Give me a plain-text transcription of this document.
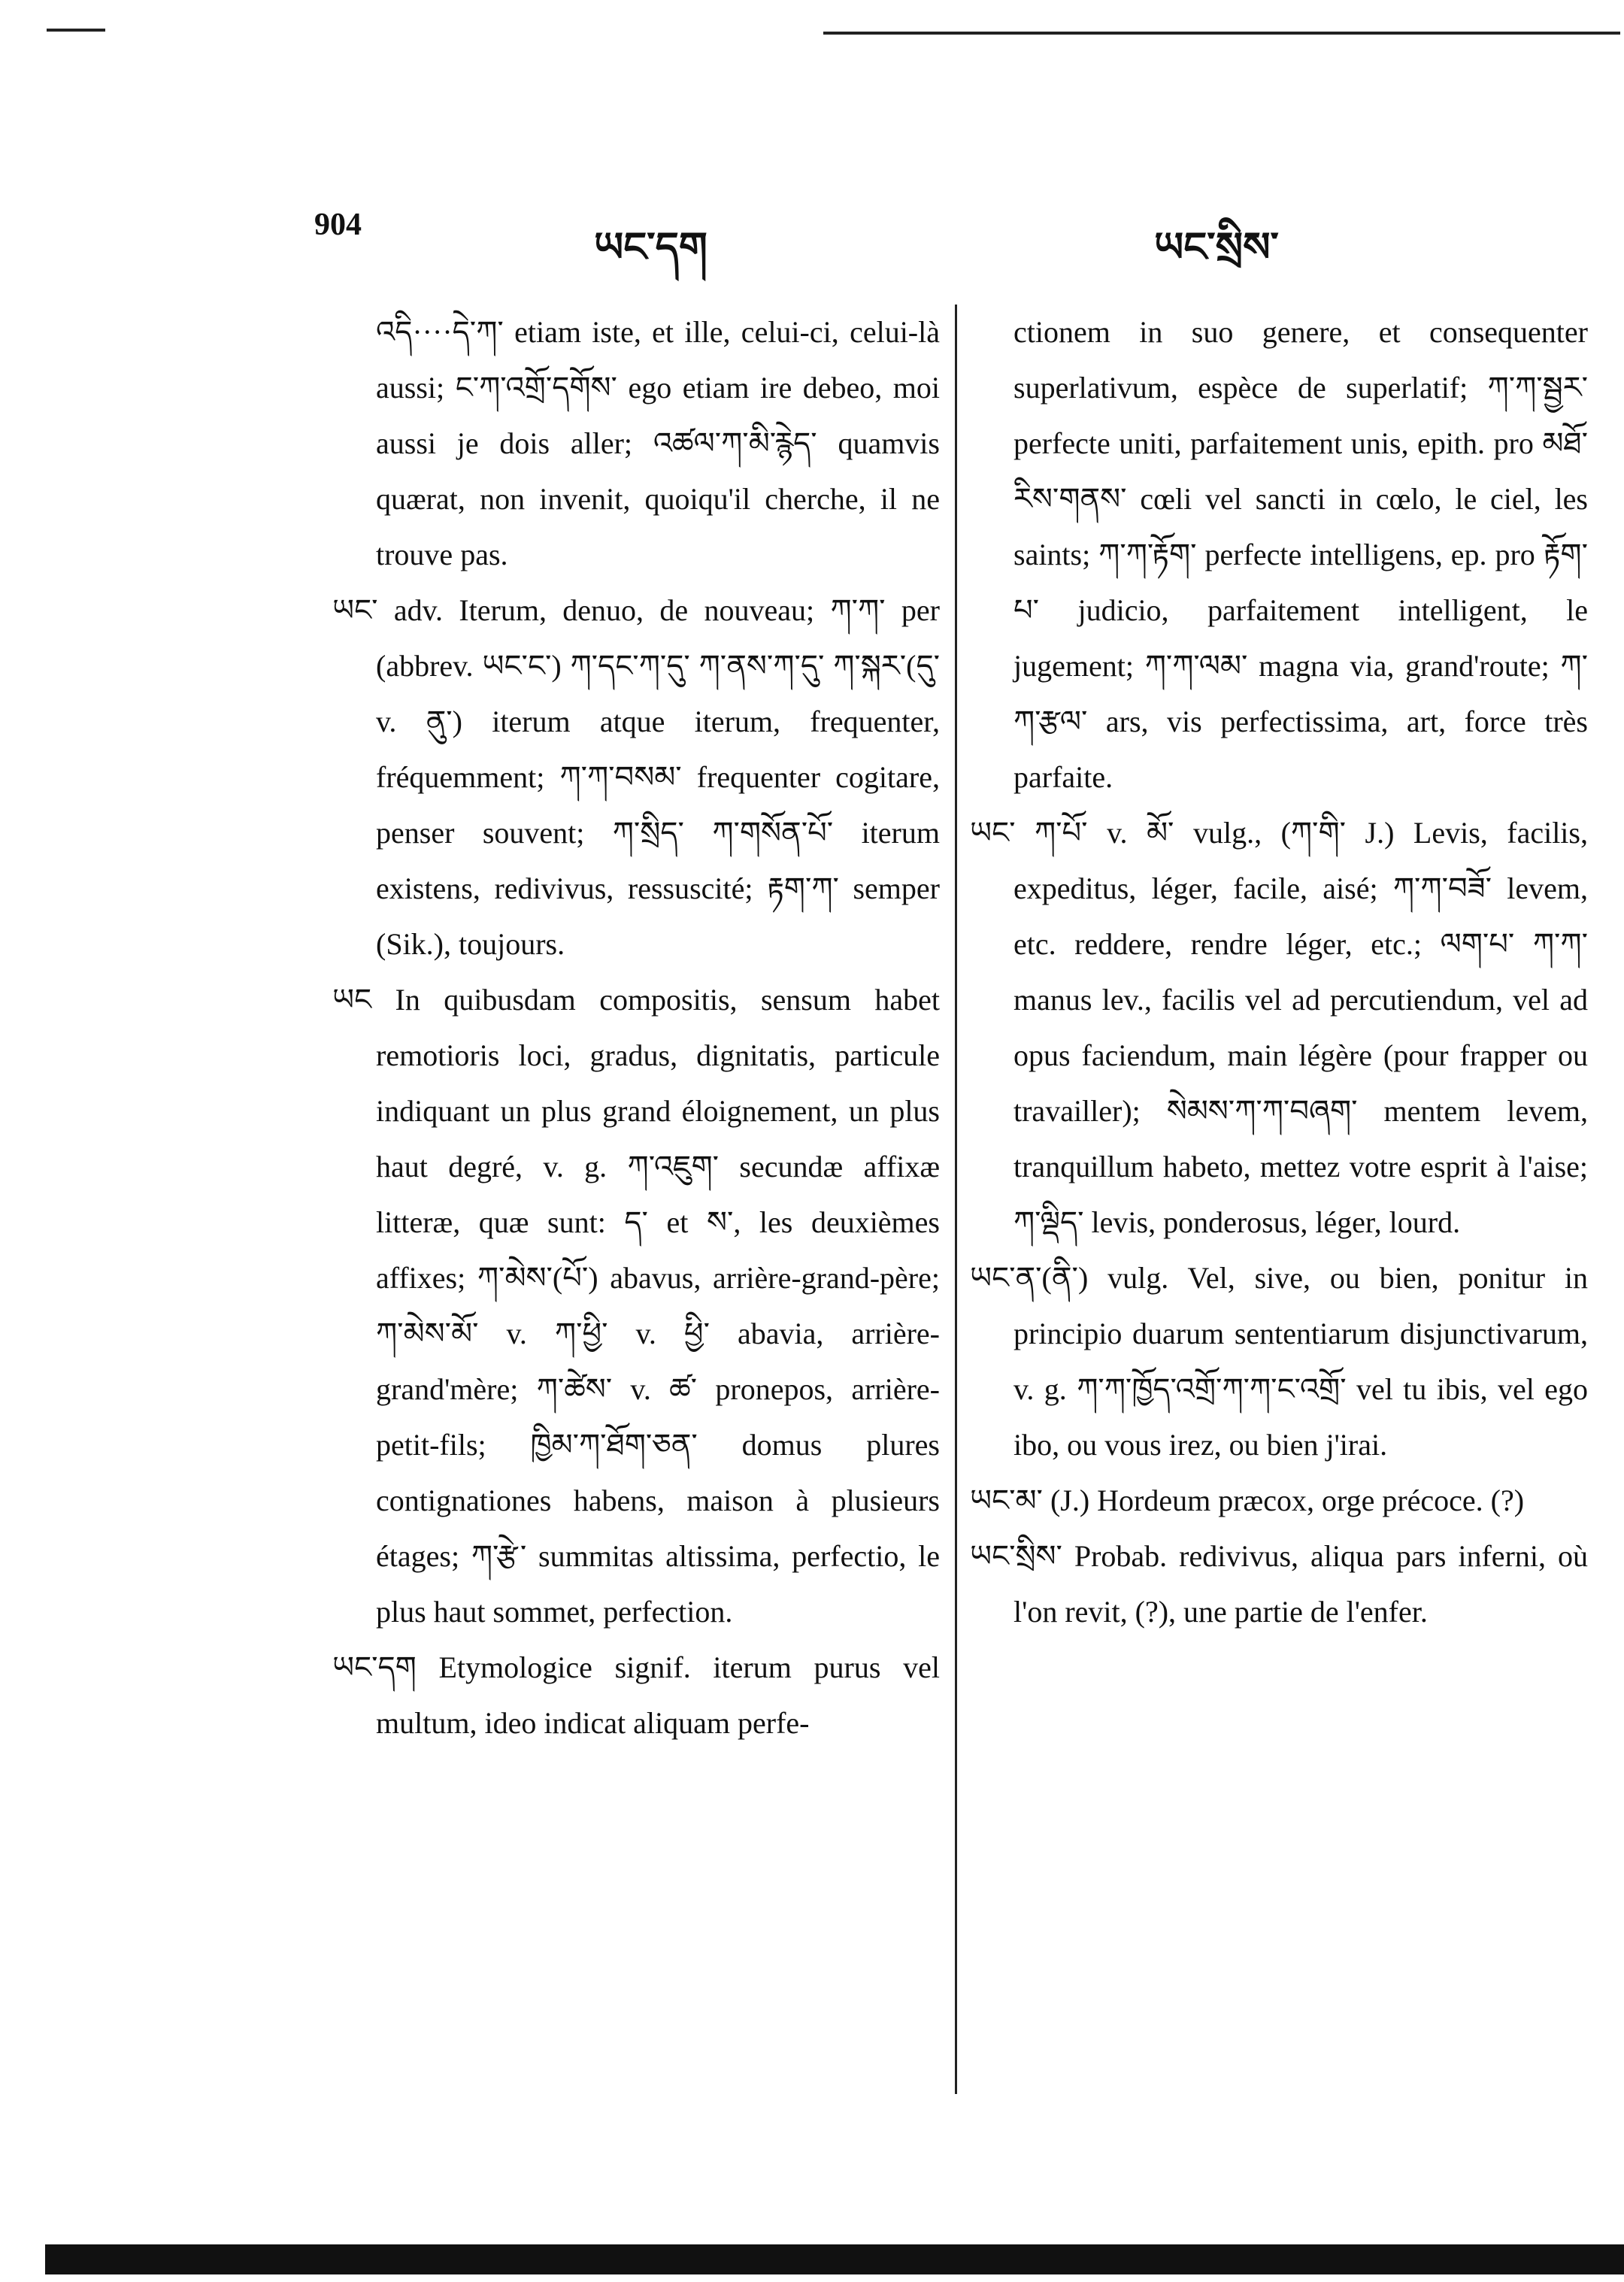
904	ཡང་དག	ཡང་སྲིས་

འདི····དེ་ཀ་ etiam iste, et ille, celui-ci, celui-là aussi; ང་ཀ་འགྲོ་དགོས་ ego etiam ire debeo, moi aussi je dois aller; འཚལ་ཀ་མི་རྙེད་ quamvis quærat, non invenit, quoiqu'il cherche, il ne trouve pas.

ཡང་ adv. Iterum, denuo, de nouveau; ཀ་ཀ་ per (abbrev. ཡང་ང་) ཀ་དང་ཀ་དུ་ ཀ་ནས་ཀ་དུ་ ཀ་སྐར་(དུ་ v. ནུ་) iterum atque iterum, frequenter, fréquemment; ཀ་ཀ་བསམ་ frequenter cogitare, penser souvent; ཀ་སྲིད་ ཀ་གསོན་པོ་ iterum existens, redivivus, ressuscité; རྟག་ཀ་ semper (Sik.), toujours.

ཡང In quibusdam compositis, sensum habet remotioris loci, gradus, dignitatis, particule indiquant un plus grand éloignement, un plus haut degré, v. g. ཀ་འཇུག་ secundæ affixæ litteræ, quæ sunt: ད་ et ས་, les deuxièmes affixes; ཀ་མེས་(པོ་) abavus, arrière-grand-père; ཀ་མེས་མོ་ v. ཀ་ཕྱི་ v. ཕྱི་ abavia, arrière-grand'mère; ཀ་ཚེས་ v. ཚ་ pronepos, arrière-petit-fils; ཁྱིམ་ཀ་ཐོག་ཅན་ domus plures contignationes habens, maison à plusieurs étages; ཀ་རྩེ་ summitas altissima, perfectio, le plus haut sommet, perfection.

ཡང་དག Etymologice signif. iterum purus vel multum, ideo indicat aliquam perfe-

ctionem in suo genere, et consequenter superlativum, espèce de superlatif; ཀ་ཀ་སྦྱར་ perfecte uniti, parfaitement unis, epith. pro མཐོ་རིས་གནས་ cœli vel sancti in cœlo, le ciel, les saints; ཀ་ཀ་རྟོག་ perfecte intelligens, ep. pro རྟོག་པ་ judicio, parfaitement intelligent, le jugement; ཀ་ཀ་ལམ་ magna via, grand'route; ཀ་ཀ་རྩལ་ ars, vis perfectissima, art, force très parfaite.

ཡང་ ཀ་པོ་ v. མོ་ vulg., (ཀ་གི་ J.) Levis, facilis, expeditus, léger, facile, aisé; ཀ་ཀ་བཟོ་ levem, etc. reddere, rendre léger, etc.; ལག་པ་ ཀ་ཀ་ manus lev., facilis vel ad percutiendum, vel ad opus faciendum, main légère (pour frapper ou travailler); སེམས་ཀ་ཀ་བཞག་ mentem levem, tranquillum habeto, mettez votre esprit à l'aise; ཀ་ལྡིད་ levis, ponderosus, léger, lourd.

ཡང་ན་(ནི་) vulg. Vel, sive, ou bien, ponitur in principio duarum sententiarum disjunctivarum, v. g. ཀ་ཀ་ཁྱོད་འགྲོ་ཀ་ཀ་ང་འགྲོ་ vel tu ibis, vel ego ibo, ou vous irez, ou bien j'irai.

ཡང་མ་ (J.) Hordeum præcox, orge précoce. (?)

ཡང་སྲིས་ Probab. redivivus, aliqua pars inferni, où l'on revit, (?), une partie de l'enfer.
